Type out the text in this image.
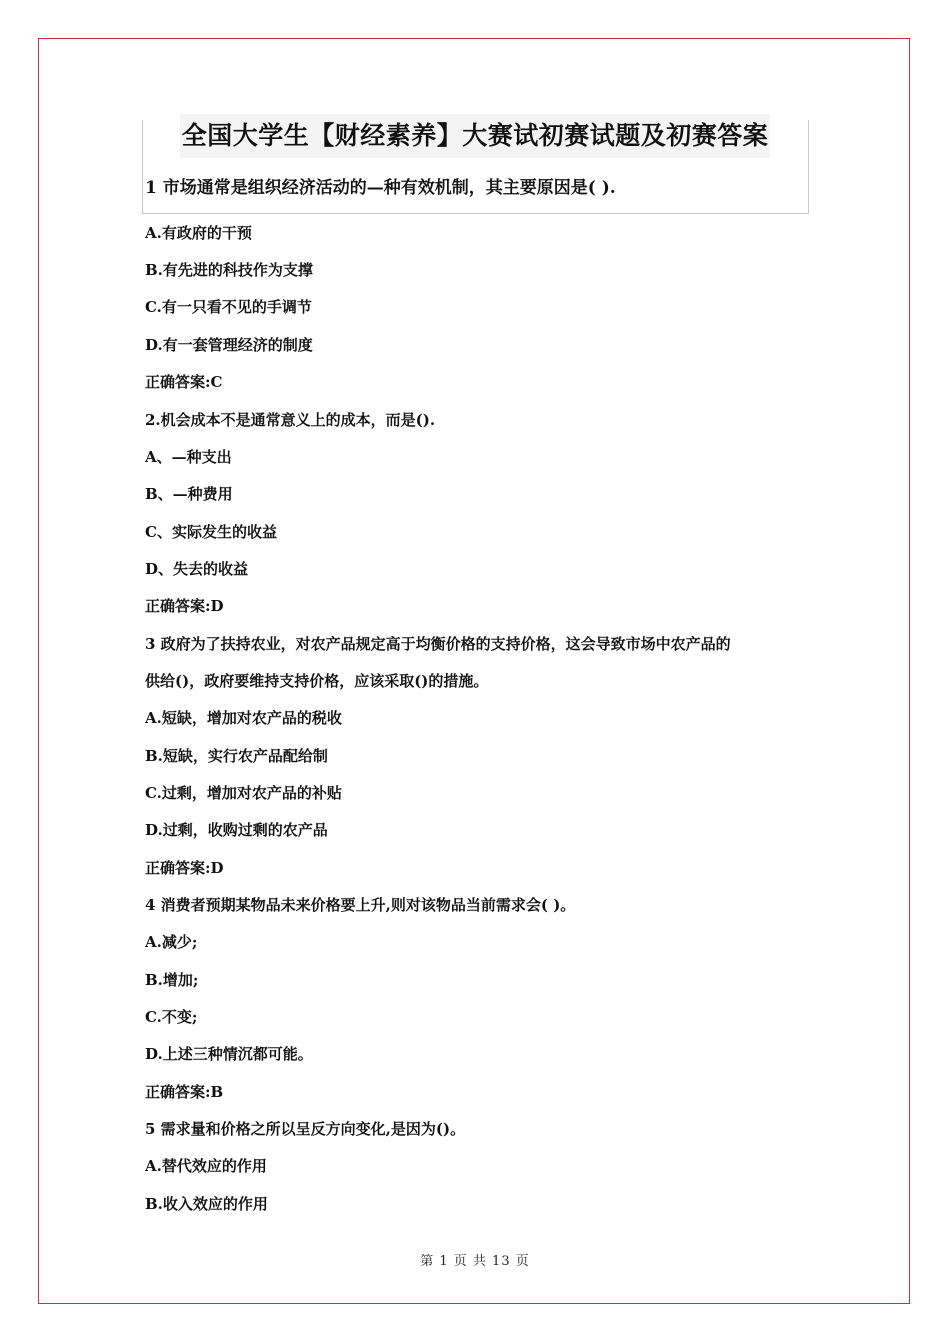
全国大学生【财经素养】大赛试初赛试题及初赛答案
1 市场通常是组织经济活动的—种有效机制，其主要原因是( ).
A.有政府的干预
B.有先进的科技作为支撑
C.有一只看不见的手调节
D.有一套管理经济的制度
正确答案:C
2.机会成本不是通常意义上的成本，而是().
A、—种支出
B、—种费用
C、实际发生的收益
D、失去的收益
正确答案:D
3 政府为了扶持农业，对农产品规定高于均衡价格的支持价格，这会导致市场中农产品的
供给()，政府要维持支持价格，应该采取()的措施。
A.短缺，增加对农产品的税收
B.短缺，实行农产品配给制
C.过剩，增加对农产品的补贴
D.过剩，收购过剩的农产品
正确答案:D
4 消费者预期某物品未来价格要上升,则对该物品当前需求会( )。
A.减少;
B.增加;
C.不变;
D.上述三种情沉都可能。
正确答案:B
5 需求量和价格之所以呈反方向变化,是因为()。
A.替代效应的作用
B.收入效应的作用
第 1 页 共 13 页
